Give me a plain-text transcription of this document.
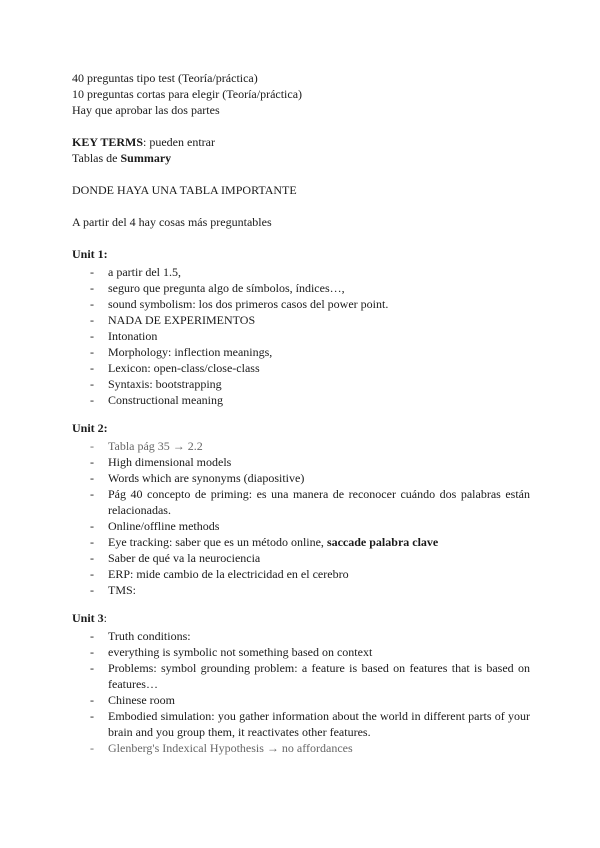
40 preguntas tipo test (Teoría/práctica)

10 preguntas cortas para elegir (Teoría/práctica)

Hay que aprobar las dos partes

KEY TERMS: pueden entrar

Tablas de Summary

DONDE HAYA UNA TABLA IMPORTANTE

A partir del 4 hay cosas más preguntables

Unit 1:

- a partir del 1.5,
- seguro que pregunta algo de símbolos, índices…,
- sound symbolism: los dos primeros casos del power point.
- NADA DE EXPERIMENTOS
- Intonation
- Morphology: inflection meanings,
- Lexicon: open-class/close-class
- Syntaxis: bootstrapping
- Constructional meaning

Unit 2:

- Tabla pág 35 → 2.2
- High dimensional models
- Words which are synonyms (diapositive)
- Pág 40 concepto de priming: es una manera de reconocer cuándo dos palabras están relacionadas.
- Online/offline methods
- Eye tracking: saber que es un método online, saccade palabra clave
- Saber de qué va la neurociencia
- ERP: mide cambio de la electricidad en el cerebro
- TMS:

Unit 3:

- Truth conditions:
- everything is symbolic not something based on context
- Problems: symbol grounding problem: a feature is based on features that is based on features…
- Chinese room
- Embodied simulation: you gather information about the world in different parts of your brain and you group them, it reactivates other features.
- Glenberg's Indexical Hypothesis → no affordances
